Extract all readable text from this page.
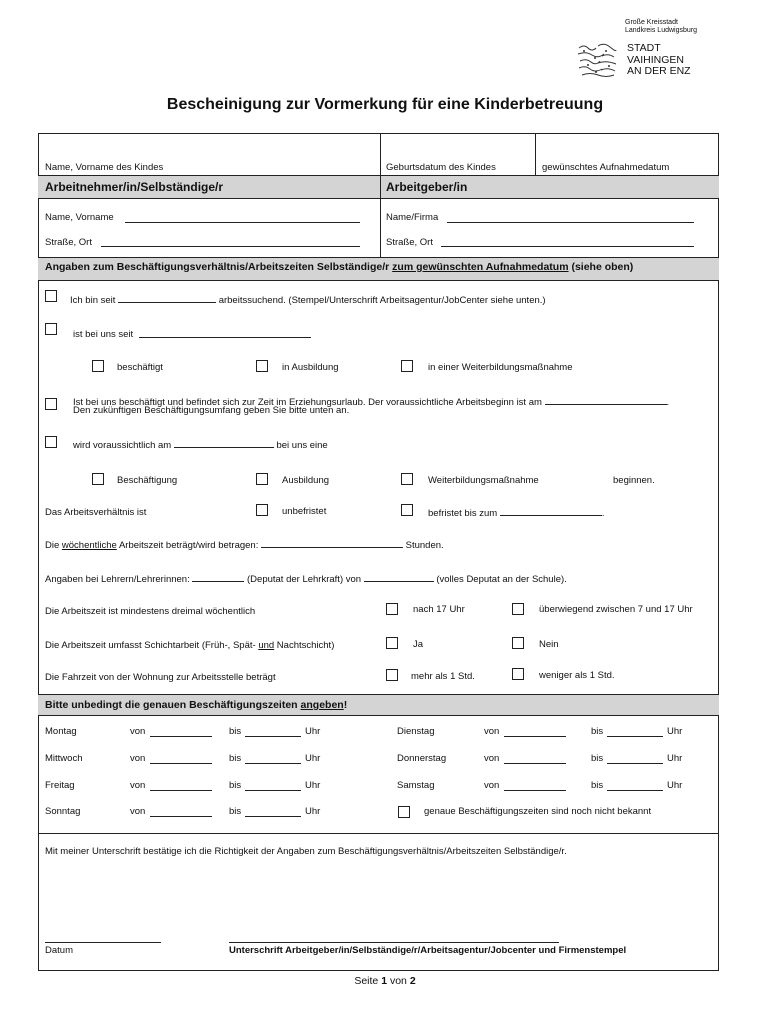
Große Kreisstadt
Landkreis Ludwigsburg
STADT
VAIHINGEN
AN DER ENZ
Bescheinigung zur Vormerkung für eine Kinderbetreuung
Name, Vorname des Kindes	Geburtsdatum des Kindes	gewünschtes Aufnahmedatum
Arbeitnehmer/in/Selbständige/r	Arbeitgeber/in
Name, Vorname
Straße, Ort
Name/Firma
Straße, Ort
Angaben zum Beschäftigungsverhältnis/Arbeitszeiten Selbständige/r zum gewünschten Aufnahmedatum (siehe oben)
Ich bin seit	arbeitssuchend. (Stempel/Unterschrift Arbeitsagentur/JobCenter siehe unten.)
ist bei uns seit
beschäftigt	in Ausbildung	in einer Weiterbildungsmaßnahme
Ist bei uns beschäftigt und befindet sich zur Zeit im Erziehungsurlaub. Der voraussichtliche Arbeitsbeginn ist am	.
Den zukünftigen Beschäftigungsumfang geben Sie bitte unten an.
wird voraussichtlich am	bei uns eine
Beschäftigung	Ausbildung	Weiterbildungsmaßnahme	beginnen.
Das Arbeitsverhältnis ist	unbefristet	befristet bis zum	.
Die wöchentliche Arbeitszeit beträgt/wird betragen:	Stunden.
Angaben bei Lehrern/Lehrerinnen:	(Deputat der Lehrkraft) von	(volles Deputat an der Schule).
Die Arbeitszeit ist mindestens dreimal wöchentlich	nach 17 Uhr	überwiegend zwischen 7 und 17 Uhr
Die Arbeitszeit umfasst Schichtarbeit (Früh-, Spät- und Nachtschicht)	Ja	Nein
Die Fahrzeit von der Wohnung zur Arbeitsstelle beträgt	mehr als 1 Std.	weniger als 1 Std.
Bitte unbedingt die genauen Beschäftigungszeiten angeben!
Montag	von	bis	Uhr
Mittwoch	von	bis	Uhr
Freitag	von	bis	Uhr
Sonntag	von	bis	Uhr
Dienstag	von	bis	Uhr
Donnerstag	von	bis	Uhr
Samstag	von	bis	Uhr
genaue Beschäftigungszeiten sind noch nicht bekannt
Mit meiner Unterschrift bestätige ich die Richtigkeit der Angaben zum Beschäftigungsverhältnis/Arbeitszeiten Selbständige/r.
Datum	Unterschrift Arbeitgeber/in/Selbständige/r/Arbeitsagentur/Jobcenter und Firmenstempel
Seite 1 von 2
